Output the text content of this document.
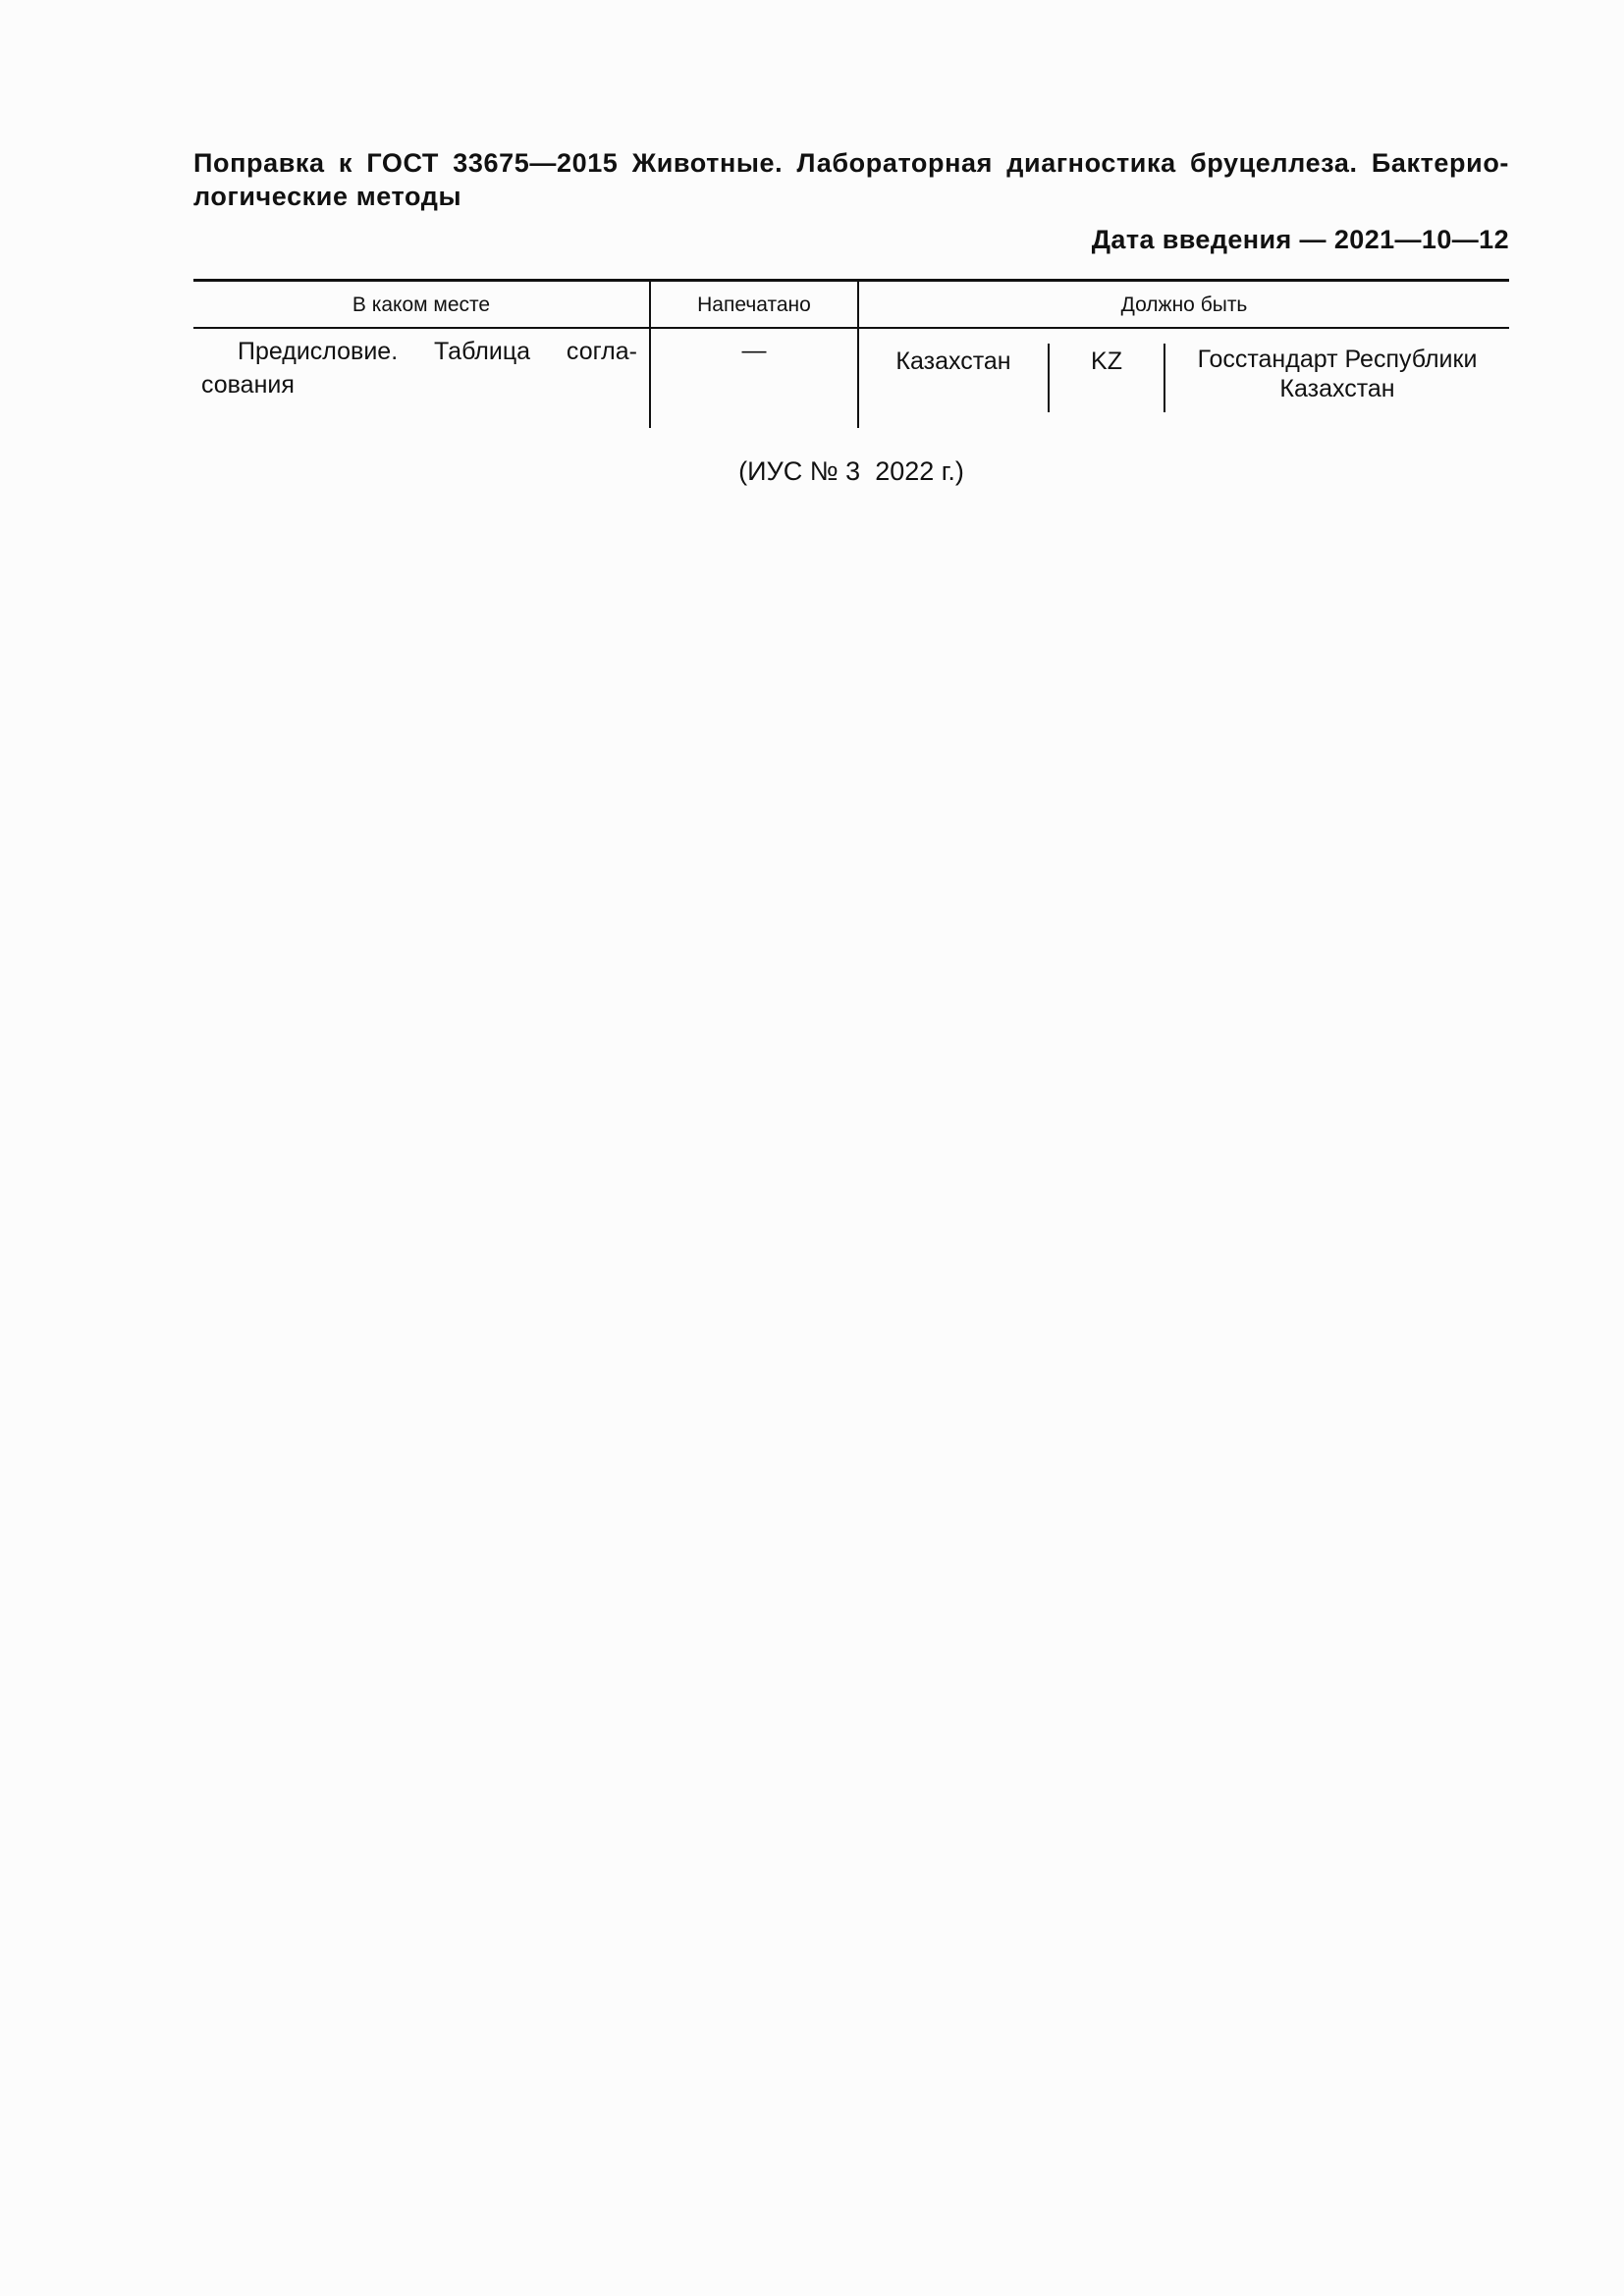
Поправка к ГОСТ 33675—2015 Животные. Лабораторная диагностика бруцеллеза. Бактерио-
логические методы
Дата введения — 2021—10—12
В каком месте	Напечатано	Должно быть
Предисловие. Таблица согла-
сования
—	Казахстан	KZ	Госстандарт Республики
Казахстан
(ИУС № 3  2022 г.)
